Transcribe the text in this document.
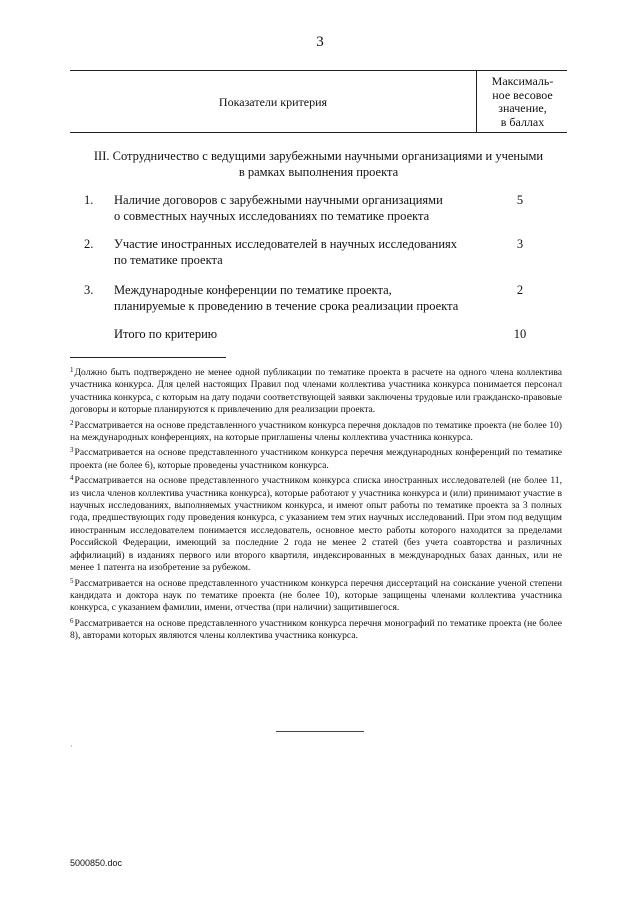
3
Показатели критерия
Максималь-
ное весовое
значение,
в баллах
III. Сотрудничество с ведущими зарубежными научными организациями и учеными
в рамках выполнения проекта
1. Наличие договоров с зарубежными научными организациями
о совместных научных исследованиях по тематике проекта
5
2. Участие иностранных исследователей в научных исследованиях
по тематике проекта
3
3. Международные конференции по тематике проекта,
планируемые к проведению в течение срока реализации проекта
2
Итого по критерию	10

$^1$Должно быть подтверждено не менее одной публикации по тематике проекта в расчете на одного члена коллектива участника конкурса. Для целей настоящих Правил под членами коллектива участника конкурса понимается персонал участника конкурса, с которым на дату подачи соответствующей заявки заключены трудовые или гражданско-правовые договоры и которые планируются к привлечению для реализации проекта.

$^2$Рассматривается на основе представленного участником конкурса перечня докладов по тематике проекта (не более 10) на международных конференциях, на которые приглашены члены коллектива участника конкурса.

$^3$Рассматривается на основе представленного участником конкурса перечня международных конференций по тематике проекта (не более 6), которые проведены участником конкурса.

$^4$Рассматривается на основе представленного участником конкурса списка иностранных исследователей (не более 11, из числа членов коллектива участника конкурса), которые работают у участника конкурса и (или) принимают участие в научных исследованиях, выполняемых участником конкурса, и имеют опыт работы по тематике проекта за 3 полных года, предшествующих году проведения конкурса, с указанием тем этих научных исследований. При этом под ведущим иностранным исследователем понимается исследователь, основное место работы которого находится за пределами Российской Федерации, имеющий за последние 2 года не менее 2 статей (без учета соавторства и различных аффилиаций) в изданиях первого или второго квартиля, индексированных в международных базах данных, или не менее 1 патента на изобретение за рубежом.

$^5$Рассматривается на основе представленного участником конкурса перечня диссертаций на соискание ученой степени кандидата и доктора наук по тематике проекта (не более 10), которые защищены членами коллектива участника конкурса, с указанием фамилии, имени, отчества (при наличии) защитившегося.

$^6$Рассматривается на основе представленного участником конкурса перечня монографий по тематике проекта (не более 8), авторами которых являются члены коллектива участника конкурса.

·
5000850.doc
